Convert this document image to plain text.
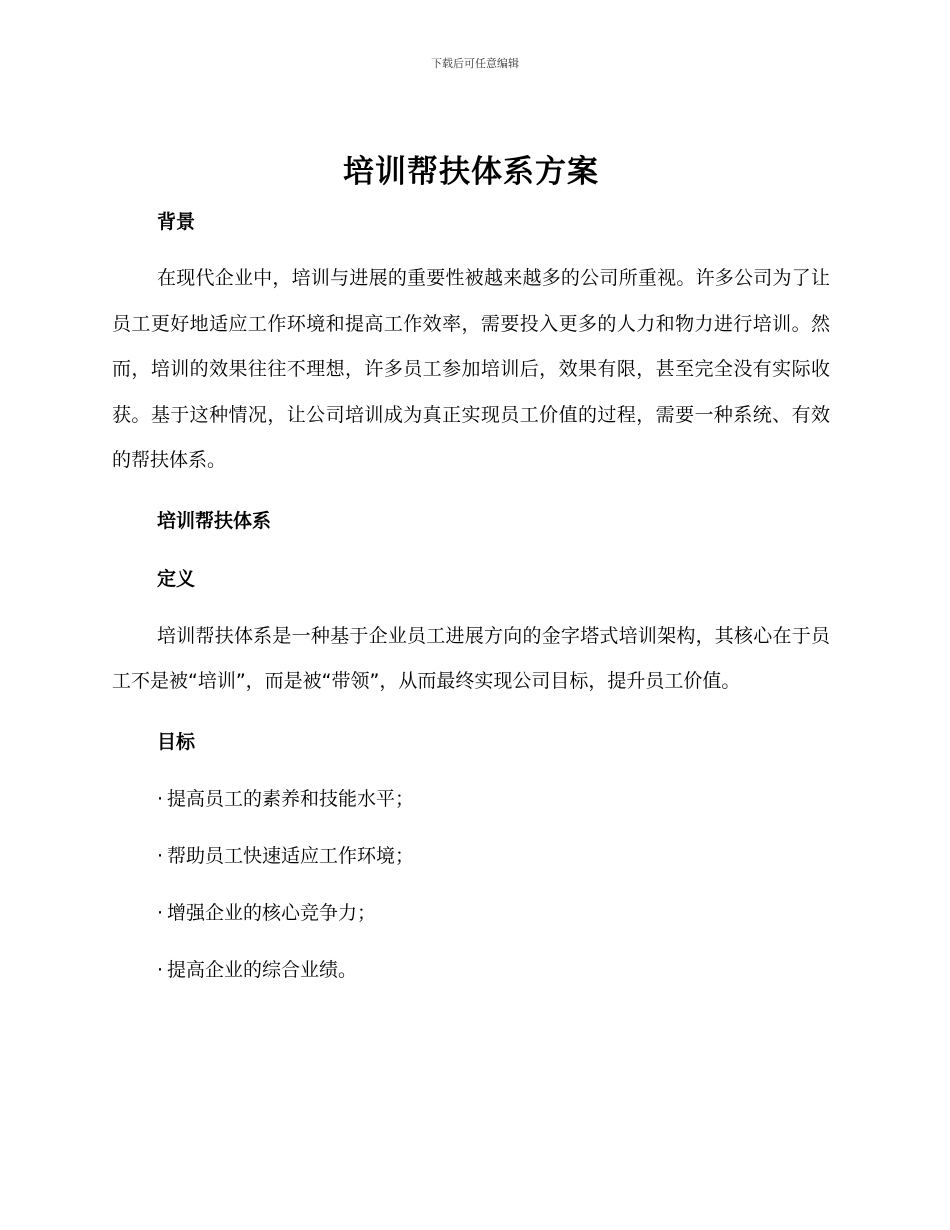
下载后可任意编辑
培训帮扶体系方案
背景

在现代企业中，培训与进展的重要性被越来越多的公司所重视。许多公司为了让员工更好地适应工作环境和提高工作效率，需要投入更多的人力和物力进行培训。然而，培训的效果往往不理想，许多员工参加培训后，效果有限，甚至完全没有实际收获。基于这种情况，让公司培训成为真正实现员工价值的过程，需要一种系统、有效的帮扶体系。

培训帮扶体系
定义

培训帮扶体系是一种基于企业员工进展方向的金字塔式培训架构，其核心在于员工不是被“培训”，而是被“带领”，从而最终实现公司目标，提升员工价值。

目标
· 提高员工的素养和技能水平；
· 帮助员工快速适应工作环境；
· 增强企业的核心竞争力；
· 提高企业的综合业绩。
